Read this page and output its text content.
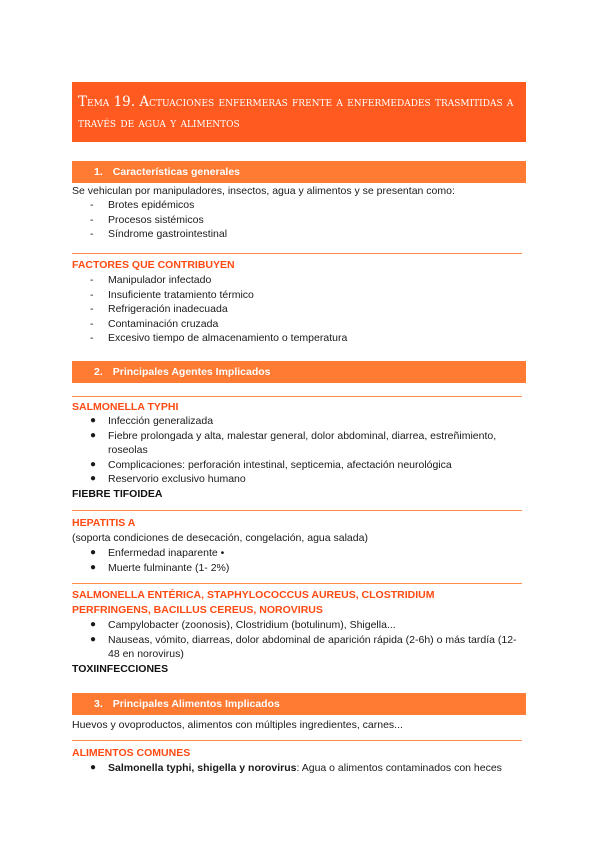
Tema 19. Actuaciones enfermeras frente a enfermedades trasmitidas a través de agua y alimentos
1. Características generales
Se vehiculan por manipuladores, insectos, agua y alimentos y se presentan como:
- Brotes epidémicos
- Procesos sistémicos
- Síndrome gastrointestinal
FACTORES QUE CONTRIBUYEN
- Manipulador infectado
- Insuficiente tratamiento térmico
- Refrigeración inadecuada
- Contaminación cruzada
- Excesivo tiempo de almacenamiento o temperatura
2. Principales Agentes Implicados
SALMONELLA TYPHI
● Infección generalizada
● Fiebre prolongada y alta, malestar general, dolor abdominal, diarrea, estreñimiento, roseolas
● Complicaciones: perforación intestinal, septicemia, afectación neurológica
● Reservorio exclusivo humano
FIEBRE TIFOIDEA
HEPATITIS A
(soporta condiciones de desecación, congelación, agua salada)
● Enfermedad inaparente •
● Muerte fulminante (1- 2%)
SALMONELLA ENTÉRICA, STAPHYLOCOCCUS AUREUS, CLOSTRIDIUM
PERFRINGENS, BACILLUS CEREUS, NOROVIRUS
● Campylobacter (zoonosis), Clostridium (botulinum), Shigella...
● Nauseas, vómito, diarreas, dolor abdominal de aparición rápida (2-6h) o más tardía (12-48 en norovirus)
TOXIINFECCIONES
3. Principales Alimentos Implicados
Huevos y ovoproductos, alimentos con múltiples ingredientes, carnes...
ALIMENTOS COMUNES
● Salmonella typhi, shigella y norovirus: Agua o alimentos contaminados con heces
